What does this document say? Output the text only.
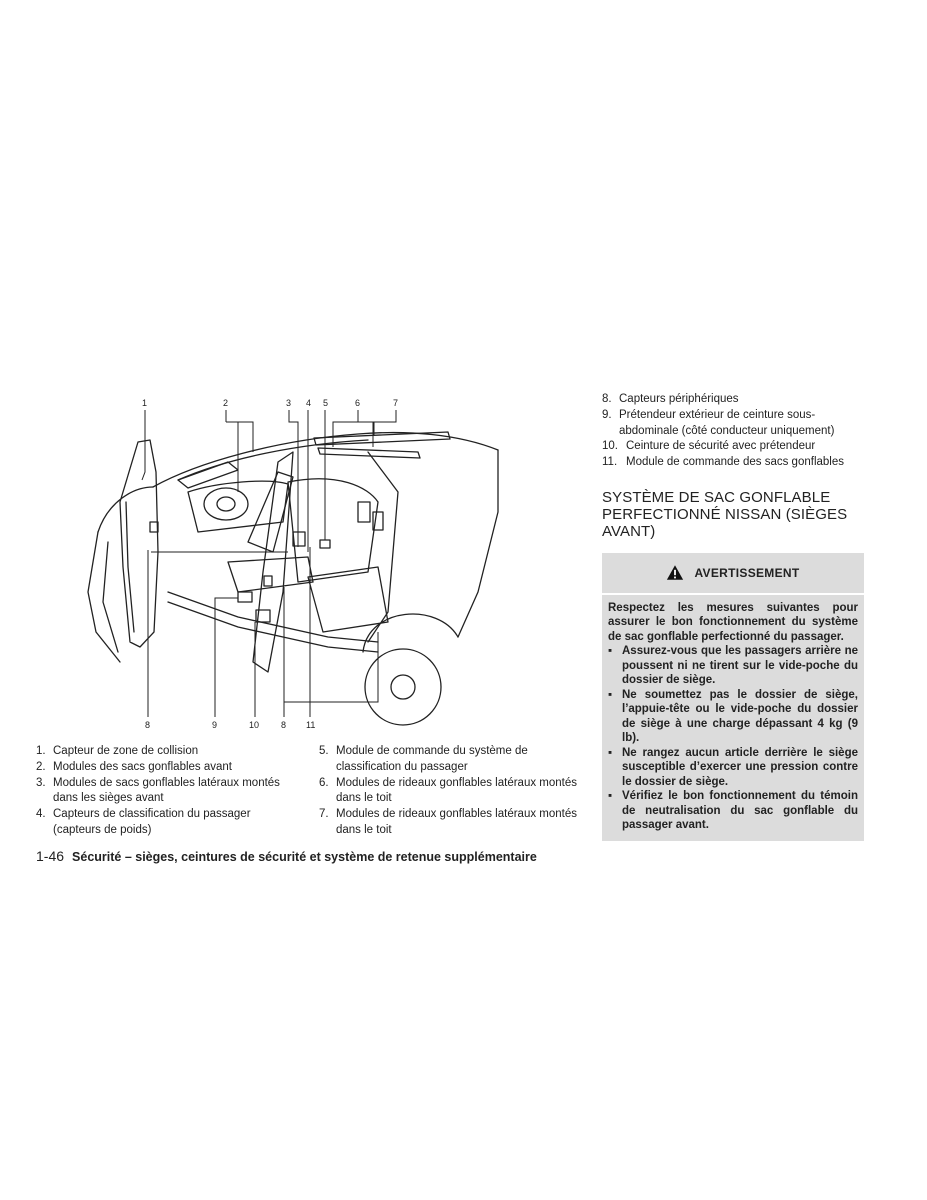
1	2	3 4 5	6	7
8	9	10 8 11
1. Capteur de zone de collision
2. Modules des sacs gonflables avant
3. Modules de sacs gonflables latéraux montés dans les sièges avant
4. Capteurs de classification du passager (capteurs de poids)
5. Module de commande du système de classification du passager
6. Modules de rideaux gonflables latéraux montés dans le toit
7. Modules de rideaux gonflables latéraux montés dans le toit
8. Capteurs périphériques
9. Prétendeur extérieur de ceinture sous-abdominale (côté conducteur uniquement)
10. Ceinture de sécurité avec prétendeur
11. Module de commande des sacs gonflables
SYSTÈME DE SAC GONFLABLE PERFECTIONNÉ NISSAN (SIÈGES AVANT)
AVERTISSEMENT
Respectez les mesures suivantes pour assurer le bon fonctionnement du système de sac gonflable perfectionné du passager.
▪ Assurez-vous que les passagers arrière ne poussent ni ne tirent sur le vide-poche du dossier de siège.
▪ Ne soumettez pas le dossier de siège, l’appuie-tête ou le vide-poche du dossier de siège à une charge dépassant 4 kg (9 lb).
▪ Ne rangez aucun article derrière le siège susceptible d’exercer une pression contre le dossier de siège.
▪ Vérifiez le bon fonctionnement du témoin de neutralisation du sac gonflable du passager avant.
1-46 Sécurité – sièges, ceintures de sécurité et système de retenue supplémentaire
